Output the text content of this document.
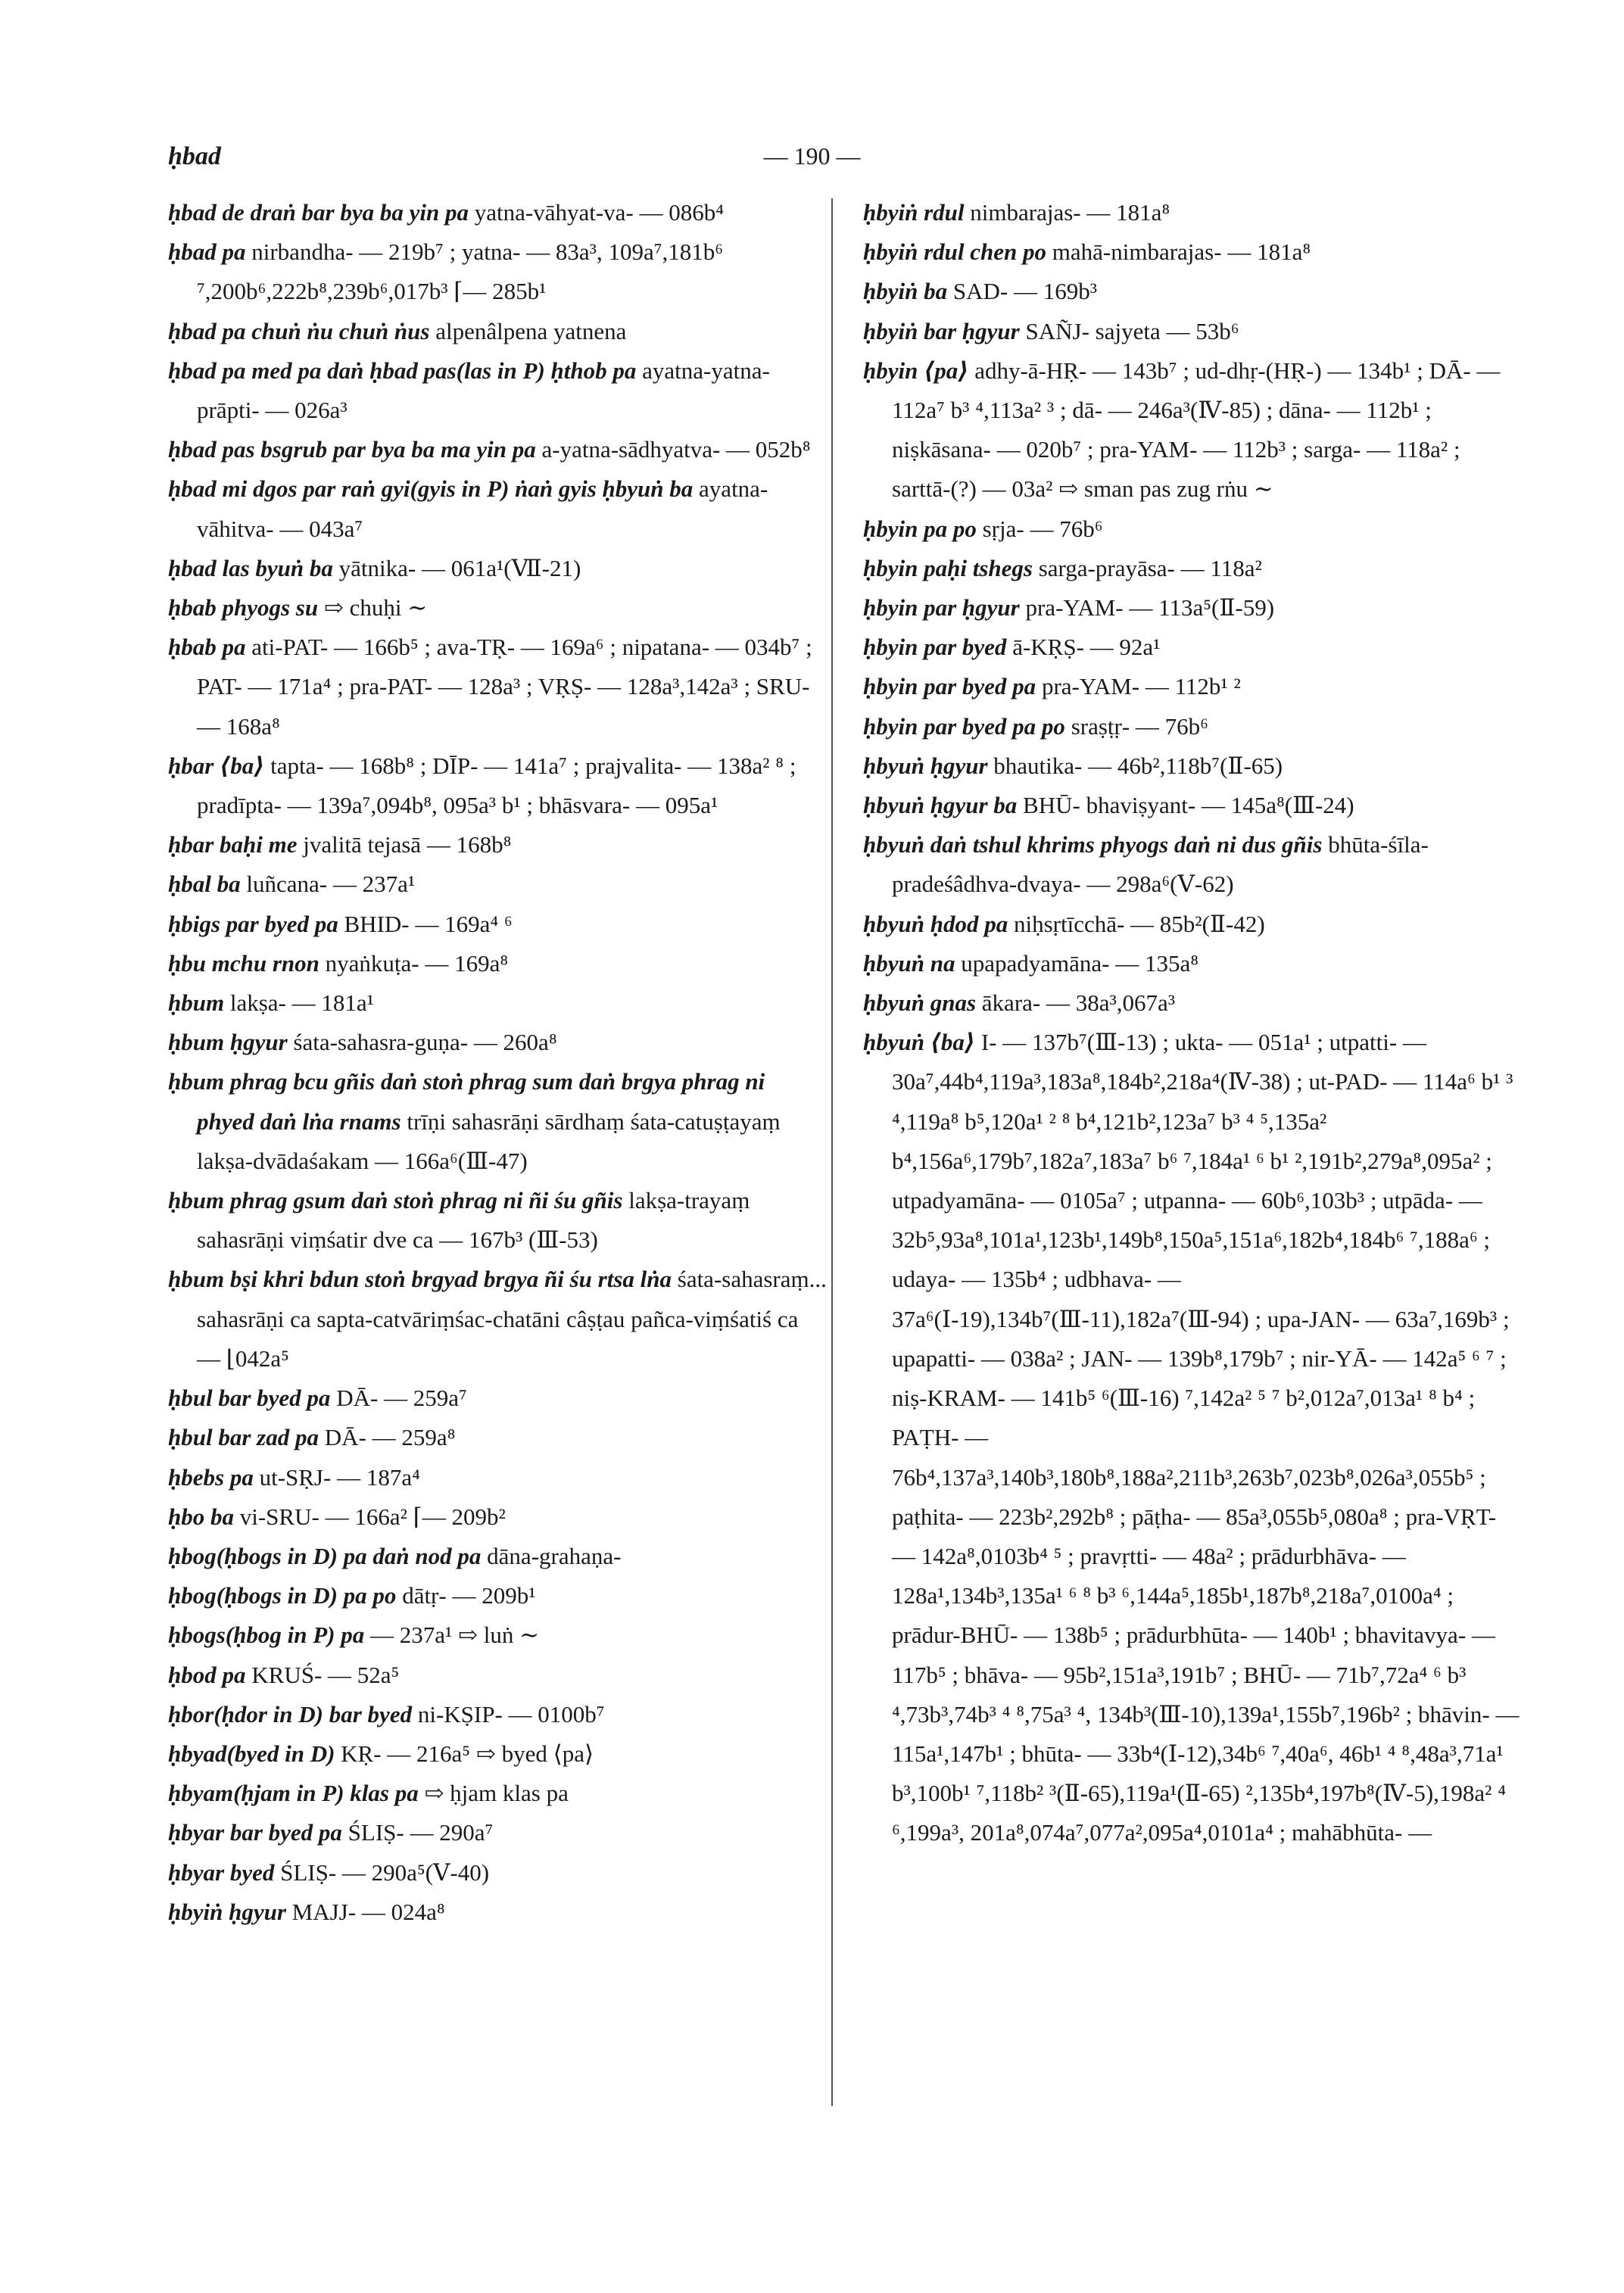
ḥbad	— 190 —

ḥbad de draṅ bar bya ba yin pa yatna-vāhyat-va- — 086b⁴

ḥbad pa nirbandha- — 219b⁷ ; yatna- — 83a³, 109a⁷,181b⁶ ⁷,200b⁶,222b⁸,239b⁶,017b³ ⌈— 285b¹

ḥbad pa chuṅ ṅu chuṅ ṅus alpenâlpena yatnena

ḥbad pa med pa daṅ ḥbad pas(las in P) ḥthob pa ayatna-yatna-prāpti- — 026a³

ḥbad pas bsgrub par bya ba ma yin pa a-yatna-sādhyatva- — 052b⁸

ḥbad mi dgos par raṅ gyi(gyis in P) ṅaṅ gyis ḥbyuṅ ba ayatna-vāhitva- — 043a⁷

ḥbad las byuṅ ba yātnika- — 061a¹(Ⅶ-21)

ḥbab phyogs su ⇨ chuḥi ∼

ḥbab pa ati-PAT- — 166b⁵ ; ava-TṚ- — 169a⁶ ; nipatana- — 034b⁷ ; PAT- — 171a⁴ ; pra-PAT- — 128a³ ; VṚṢ- — 128a³,142a³ ; SRU- — 168a⁸

ḥbar ⟨ba⟩ tapta- — 168b⁸ ; DĪP- — 141a⁷ ; prajvalita- — 138a² ⁸ ; pradīpta- — 139a⁷,094b⁸, 095a³ b¹ ; bhāsvara- — 095a¹

ḥbar baḥi me jvalitā tejasā — 168b⁸

ḥbal ba luñcana- — 237a¹

ḥbigs par byed pa BHID- — 169a⁴ ⁶

ḥbu mchu rnon nyaṅkuṭa- — 169a⁸

ḥbum lakṣa- — 181a¹

ḥbum ḥgyur śata-sahasra-guṇa- — 260a⁸

ḥbum phrag bcu gñis daṅ stoṅ phrag sum daṅ brgya phrag ni phyed daṅ lṅa rnams trīṇi sahasrāṇi sārdhaṃ śata-catuṣṭayaṃ lakṣa-dvādaśakam — 166a⁶(Ⅲ-47)

ḥbum phrag gsum daṅ stoṅ phrag ni ñi śu gñis lakṣa-trayaṃ sahasrāṇi viṃśatir dve ca — 167b³ (Ⅲ-53)

ḥbum bṣi khri bdun stoṅ brgyad brgya ñi śu rtsa lṅa śata-sahasraṃ... sahasrāṇi ca sapta-catvāriṃśac-chatāni câṣṭau pañca-viṃśatiś ca — ⌊042a⁵

ḥbul bar byed pa DĀ- — 259a⁷

ḥbul bar zad pa DĀ- — 259a⁸

ḥbebs pa ut-SṚJ- — 187a⁴

ḥbo ba vi-SRU- — 166a² ⌈— 209b²

ḥbog(ḥbogs in D) pa daṅ nod pa dāna-grahaṇa-

ḥbog(ḥbogs in D) pa po dātṛ- — 209b¹

ḥbogs(ḥbog in P) pa — 237a¹ ⇨ luṅ ∼

ḥbod pa KRUŚ- — 52a⁵

ḥbor(ḥdor in D) bar byed ni-KṢIP- — 0100b⁷

ḥbyad(byed in D) KṚ- — 216a⁵ ⇨ byed ⟨pa⟩

ḥbyam(ḥjam in P) klas pa ⇨ ḥjam klas pa

ḥbyar bar byed pa ŚLIṢ- — 290a⁷

ḥbyar byed ŚLIṢ- — 290a⁵(Ⅴ-40)

ḥbyiṅ ḥgyur MAJJ- — 024a⁸

ḥbyiṅ rdul nimbarajas- — 181a⁸

ḥbyiṅ rdul chen po mahā-nimbarajas- — 181a⁸

ḥbyiṅ ba SAD- — 169b³

ḥbyiṅ bar ḥgyur SAÑJ- sajyeta — 53b⁶

ḥbyin ⟨pa⟩ adhy-ā-HṚ- — 143b⁷ ; ud-dhṛ-(HṚ-) — 134b¹ ; DĀ- — 112a⁷ b³ ⁴,113a² ³ ; dā- — 246a³(Ⅳ-85) ; dāna- — 112b¹ ; niṣkāsana- — 020b⁷ ; pra-YAM- — 112b³ ; sarga- — 118a² ; sarttā-(?) — 03a² ⇨ sman pas zug rṅu ∼

ḥbyin pa po sṛja- — 76b⁶

ḥbyin paḥi tshegs sarga-prayāsa- — 118a²

ḥbyin par ḥgyur pra-YAM- — 113a⁵(Ⅱ-59)

ḥbyin par byed ā-KṚṢ- — 92a¹

ḥbyin par byed pa pra-YAM- — 112b¹ ²

ḥbyin par byed pa po sraṣṭṛ- — 76b⁶

ḥbyuṅ ḥgyur bhautika- — 46b²,118b⁷(Ⅱ-65)

ḥbyuṅ ḥgyur ba BHŪ- bhaviṣyant- — 145a⁸(Ⅲ-24)

ḥbyuṅ daṅ tshul khrims phyogs daṅ ni dus gñis bhūta-śīla-pradeśâdhva-dvaya- — 298a⁶(Ⅴ-62)

ḥbyuṅ ḥdod pa niḥsṛtīcchā- — 85b²(Ⅱ-42)

ḥbyuṅ na upapadyamāna- — 135a⁸

ḥbyuṅ gnas ākara- — 38a³,067a³

ḥbyuṅ ⟨ba⟩ I- — 137b⁷(Ⅲ-13) ; ukta- — 051a¹ ; utpatti- — 30a⁷,44b⁴,119a³,183a⁸,184b²,218a⁴(Ⅳ-38) ; ut-PAD- — 114a⁶ b¹ ³ ⁴,119a⁸ b⁵,120a¹ ² ⁸ b⁴,121b²,123a⁷ b³ ⁴ ⁵,135a² b⁴,156a⁶,179b⁷,182a⁷,183a⁷ b⁶ ⁷,184a¹ ⁶ b¹ ²,191b²,279a⁸,095a² ; utpadyamāna- — 0105a⁷ ; utpanna- — 60b⁶,103b³ ; utpāda- — 32b⁵,93a⁸,101a¹,123b¹,149b⁸,150a⁵,151a⁶,182b⁴,184b⁶ ⁷,188a⁶ ; udaya- — 135b⁴ ; udbhava- — 37a⁶(Ⅰ-19),134b⁷(Ⅲ-11),182a⁷(Ⅲ-94) ; upa-JAN- — 63a⁷,169b³ ; upapatti- — 038a² ; JAN- — 139b⁸,179b⁷ ; nir-YĀ- — 142a⁵ ⁶ ⁷ ; niṣ-KRAM- — 141b⁵ ⁶(Ⅲ-16) ⁷,142a² ⁵ ⁷ b²,012a⁷,013a¹ ⁸ b⁴ ; PAṬH- — 76b⁴,137a³,140b³,180b⁸,188a²,211b³,263b⁷,023b⁸,026a³,055b⁵ ; paṭhita- — 223b²,292b⁸ ; pāṭha- — 85a³,055b⁵,080a⁸ ; pra-VṚT- — 142a⁸,0103b⁴ ⁵ ; pravṛtti- — 48a² ; prādurbhāva- — 128a¹,134b³,135a¹ ⁶ ⁸ b³ ⁶,144a⁵,185b¹,187b⁸,218a⁷,0100a⁴ ; prādur-BHŪ- — 138b⁵ ; prādurbhūta- — 140b¹ ; bhavitavya- — 117b⁵ ; bhāva- — 95b²,151a³,191b⁷ ; BHŪ- — 71b⁷,72a⁴ ⁶ b³ ⁴,73b³,74b³ ⁴ ⁸,75a³ ⁴, 134b³(Ⅲ-10),139a¹,155b⁷,196b² ; bhāvin- — 115a¹,147b¹ ; bhūta- — 33b⁴(Ⅰ-12),34b⁶ ⁷,40a⁶, 46b¹ ⁴ ⁸,48a³,71a¹ b³,100b¹ ⁷,118b² ³(Ⅱ-65),119a¹(Ⅱ-65) ²,135b⁴,197b⁸(Ⅳ-5),198a² ⁴ ⁶,199a³, 201a⁸,074a⁷,077a²,095a⁴,0101a⁴ ; mahābhūta- —
